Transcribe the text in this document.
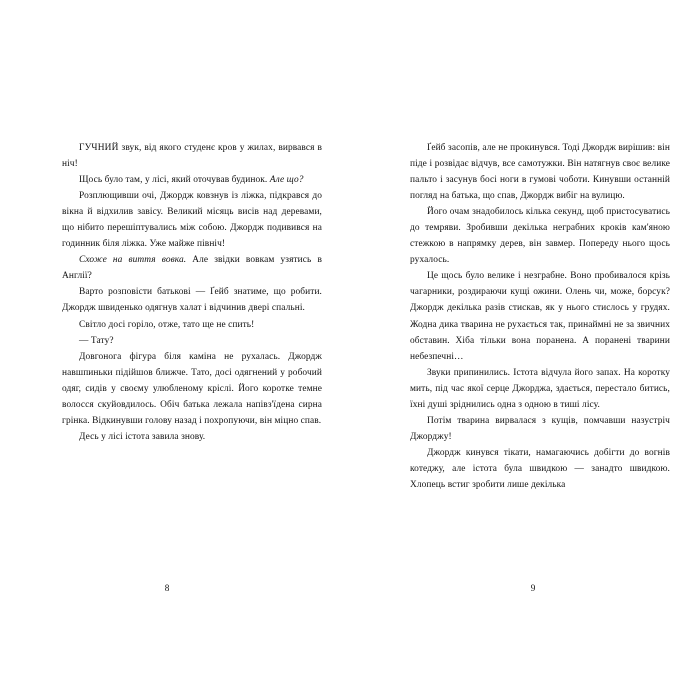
ГУЧНИЙ звук, від якого студенє кров у жилах, вирвався в ніч!

Щось було там, у лісі, який оточував будинок. Але що?

Розплющивши очі, Джордж ковзнув із ліжка, підкрався до вікна й відхилив завісу. Великий місяць висів над деревами, що нібито перешіптувались між собою. Джордж подивився на годинник біля ліжка. Уже майже північ!

Схоже на виття вовка. Але звідки вовкам узятись в Англії?

Варто розповісти батькові — Ґейб знатиме, що робити. Джордж швиденько одягнув халат і відчинив двері спальні.

Світло досі горіло, отже, тато ще не спить!

— Тату?

Довгонога фігура біля каміна не рухалась. Джордж навшпиньки підійшов ближче. Тато, досі одягнений у робочий одяг, сидів у своєму улюбленому кріслі. Його коротке темне волосся скуйовдилось. Обіч батька лежала напівз'їдена сирна грінка. Відкинувши голову назад і похропуючи, він міцно спав.

Десь у лісі істота завила знову.

8

Ґейб засопів, але не прокинувся. Тоді Джордж вирішив: він піде і розвідає відчув, все самотужки. Він натягнув своє велике пальто і засунув босі ноги в гумові чоботи. Кинувши останній погляд на батька, що спав, Джордж вибіг на вулицю.

Його очам знадобилось кілька секунд, щоб пристосуватись до темряви. Зробивши декілька неграбних кроків кам'яною стежкою в напрямку дерев, він завмер. Попереду нього щось рухалось.

Це щось було велике і незграбне. Воно пробивалося крізь чагарники, роздираючи кущі ожини. Олень чи, може, борсук? Джордж декілька разів стискав, як у нього стислось у грудях. Жодна дика тварина не рухається так, принаймні не за звичних обставин. Хіба тільки вона поранена. А поранені тварини небезпечні…

Звуки припинились. Істота відчула його запах. На коротку мить, під час якої серце Джорджа, здається, перестало битись, їхні душі зріднились одна з одною в тиші лісу.

Потім тварина вирвалася з кущів, помчавши назустріч Джорджу!

Джордж кинувся тікати, намагаючись добігти до вогнів котеджу, але істота була швидкою — занадто швидкою. Хлопець встиг зробити лише декілька

9
